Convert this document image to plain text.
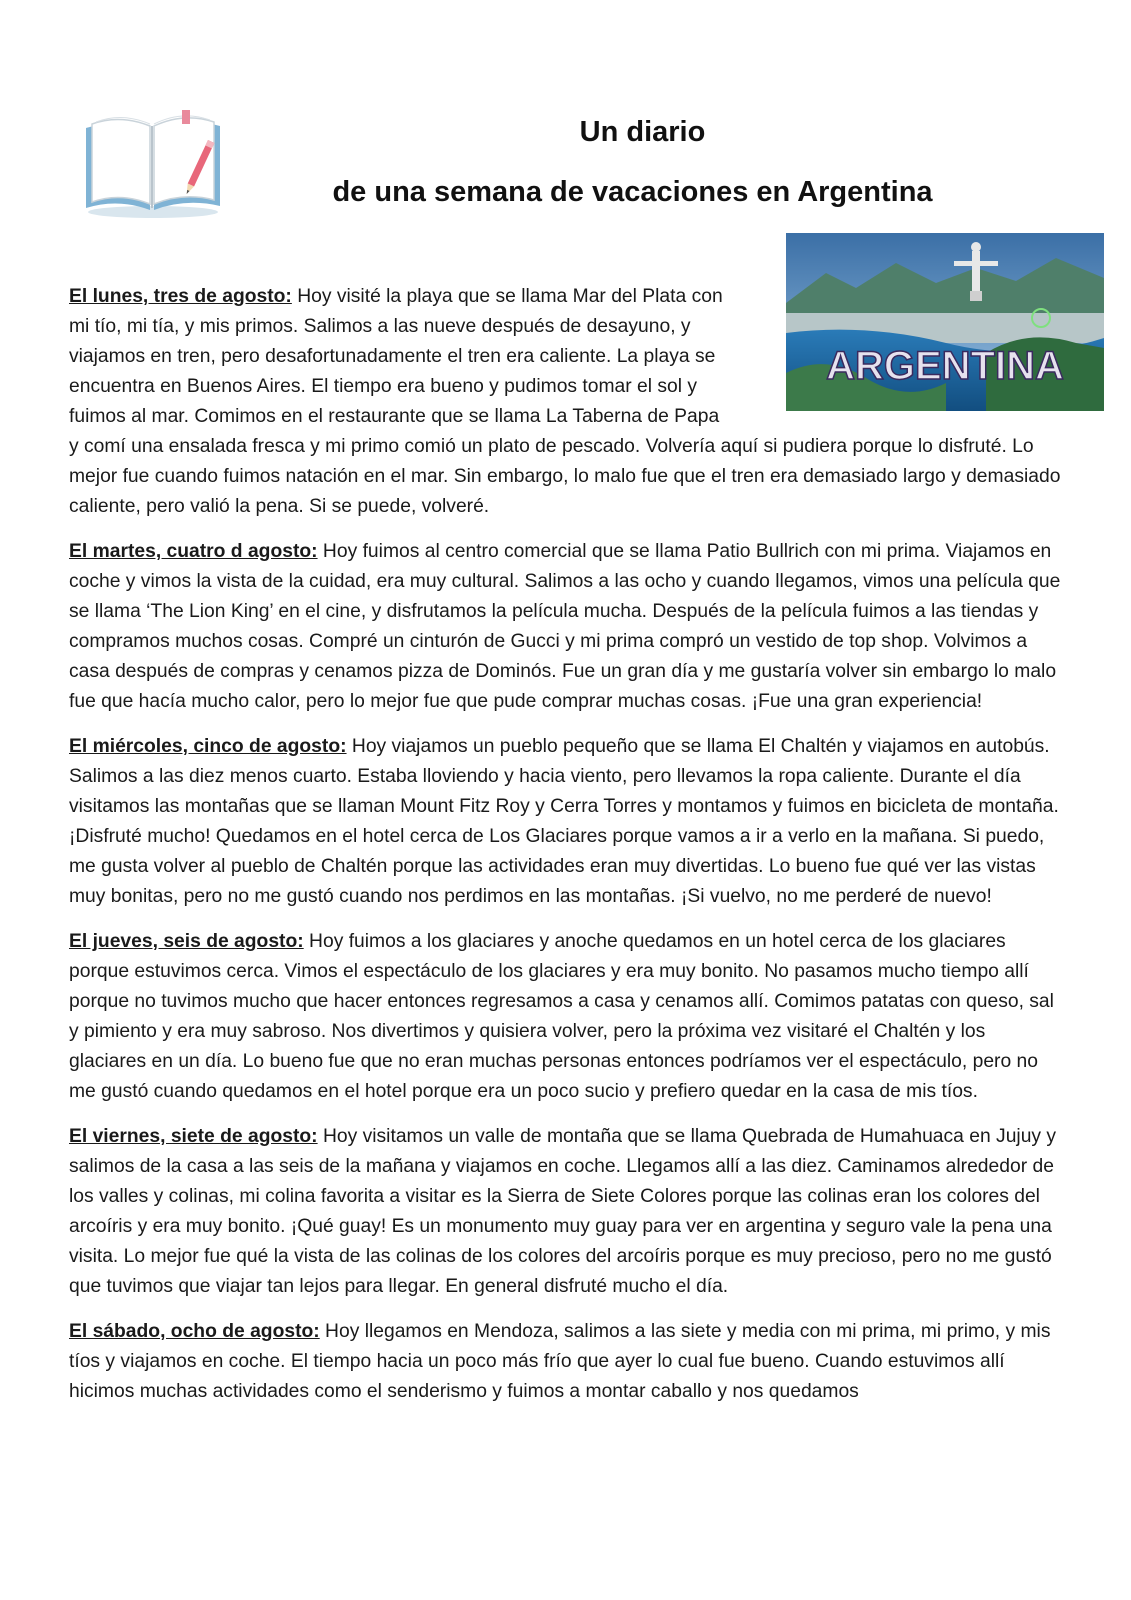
Un diario
de una semana de vacaciones en Argentina
ARGENTINA

El lunes, tres de agosto: Hoy visité la playa que se llama Mar del Plata con mi tío, mi tía, y mis primos. Salimos a las nueve después de desayuno, y viajamos en tren, pero desafortunadamente el tren era caliente. La playa se encuentra en Buenos Aires. El tiempo era bueno y pudimos tomar el sol y fuimos al mar. Comimos en el restaurante que se llama La Taberna de Papa y comí una ensalada fresca y mi primo comió un plato de pescado. Volvería aquí si pudiera porque lo disfruté. Lo mejor fue cuando fuimos natación en el mar. Sin embargo, lo malo fue que el tren era demasiado largo y demasiado caliente, pero valió la pena. Si se puede, volveré.

El martes, cuatro d agosto: Hoy fuimos al centro comercial que se llama Patio Bullrich con mi prima. Viajamos en coche y vimos la vista de la cuidad, era muy cultural. Salimos a las ocho y cuando llegamos, vimos una película que se llama ‘The Lion King’ en el cine, y disfrutamos la película mucha. Después de la película fuimos a las tiendas y compramos muchos cosas. Compré un cinturón de Gucci y mi prima compró un vestido de top shop. Volvimos a casa después de compras y cenamos pizza de Dominós. Fue un gran día y me gustaría volver sin embargo lo malo fue que hacía mucho calor, pero lo mejor fue que pude comprar muchas cosas. ¡Fue una gran experiencia!

El miércoles, cinco de agosto: Hoy viajamos un pueblo pequeño que se llama El Chaltén y viajamos en autobús. Salimos a las diez menos cuarto. Estaba lloviendo y hacia viento, pero llevamos la ropa caliente. Durante el día visitamos las montañas que se llaman Mount Fitz Roy y Cerra Torres y montamos y fuimos en bicicleta de montaña. ¡Disfruté mucho! Quedamos en el hotel cerca de Los Glaciares porque vamos a ir a verlo en la mañana. Si puedo, me gusta volver al pueblo de Chaltén porque las actividades eran muy divertidas. Lo bueno fue qué ver las vistas muy bonitas, pero no me gustó cuando nos perdimos en las montañas. ¡Si vuelvo, no me perderé de nuevo!

El jueves, seis de agosto: Hoy fuimos a los glaciares y anoche quedamos en un hotel cerca de los glaciares porque estuvimos cerca. Vimos el espectáculo de los glaciares y era muy bonito. No pasamos mucho tiempo allí porque no tuvimos mucho que hacer entonces regresamos a casa y cenamos allí. Comimos patatas con queso, sal y pimiento y era muy sabroso. Nos divertimos y quisiera volver, pero la próxima vez visitaré el Chaltén y los glaciares en un día. Lo bueno fue que no eran muchas personas entonces podríamos ver el espectáculo, pero no me gustó cuando quedamos en el hotel porque era un poco sucio y prefiero quedar en la casa de mis tíos.

El viernes, siete de agosto: Hoy visitamos un valle de montaña que se llama Quebrada de Humahuaca en Jujuy y salimos de la casa a las seis de la mañana y viajamos en coche. Llegamos allí a las diez. Caminamos alrededor de los valles y colinas, mi colina favorita a visitar es la Sierra de Siete Colores porque las colinas eran los colores del arcoíris y era muy bonito. ¡Qué guay! Es un monumento muy guay para ver en argentina y seguro vale la pena una visita. Lo mejor fue qué la vista de las colinas de los colores del arcoíris porque es muy precioso, pero no me gustó que tuvimos que viajar tan lejos para llegar. En general disfruté mucho el día.

El sábado, ocho de agosto: Hoy llegamos en Mendoza, salimos a las siete y media con mi prima, mi primo, y mis tíos y viajamos en coche. El tiempo hacia un poco más frío que ayer lo cual fue bueno. Cuando estuvimos allí hicimos muchas actividades como el senderismo y fuimos a montar caballo y nos quedamos
